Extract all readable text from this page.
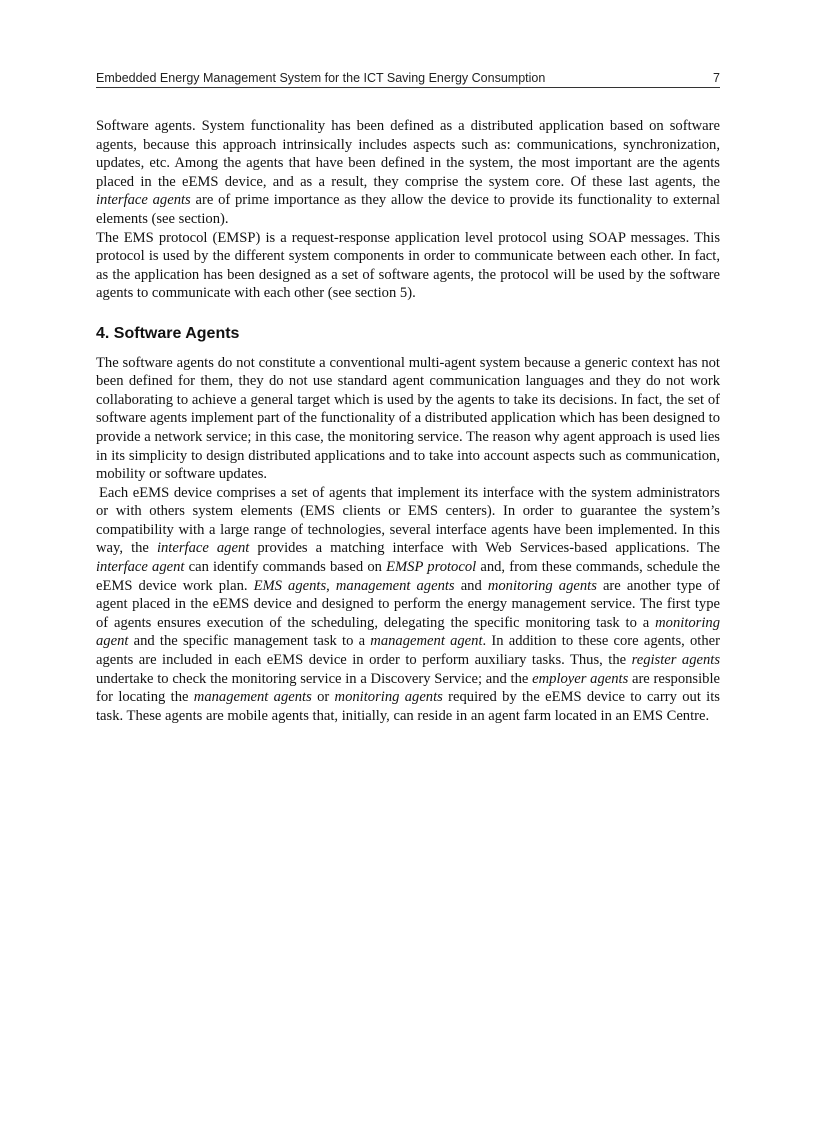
Embedded Energy Management System for the ICT Saving Energy Consumption	7

Software agents. System functionality has been defined as a distributed application based on software agents, because this approach intrinsically includes aspects such as: communications, synchronization, updates, etc. Among the agents that have been defined in the system, the most important are the agents placed in the eEMS device, and as a result, they comprise the system core. Of these last agents, the interface agents are of prime importance as they allow the device to provide its functionality to external elements (see section).

The EMS protocol (EMSP) is a request-response application level protocol using SOAP messages. This protocol is used by the different system components in order to communicate between each other. In fact, as the application has been designed as a set of software agents, the protocol will be used by the software agents to communicate with each other (see section 5).

4. Software Agents

The software agents do not constitute a conventional multi-agent system because a generic context has not been defined for them, they do not use standard agent communication languages and they do not work collaborating to achieve a general target which is used by the agents to take its decisions. In fact, the set of software agents implement part of the functionality of a distributed application which has been designed to provide a network service; in this case, the monitoring service. The reason why agent approach is used lies in its simplicity to design distributed applications and to take into account aspects such as communication, mobility or software updates.

Each eEMS device comprises a set of agents that implement its interface with the system administrators or with others system elements (EMS clients or EMS centers). In order to guarantee the system’s compatibility with a large range of technologies, several interface agents have been implemented. In this way, the interface agent provides a matching interface with Web Services-based applications. The interface agent can identify commands based on EMSP protocol and, from these commands, schedule the eEMS device work plan. EMS agents, management agents and monitoring agents are another type of agent placed in the eEMS device and designed to perform the energy management service. The first type of agents ensures execution of the scheduling, delegating the specific monitoring task to a monitoring agent and the specific management task to a management agent. In addition to these core agents, other agents are included in each eEMS device in order to perform auxiliary tasks. Thus, the register agents undertake to check the monitoring service in a Discovery Service; and the employer agents are responsible for locating the management agents or monitoring agents required by the eEMS device to carry out its task. These agents are mobile agents that, initially, can reside in an agent farm located in an EMS Centre.
